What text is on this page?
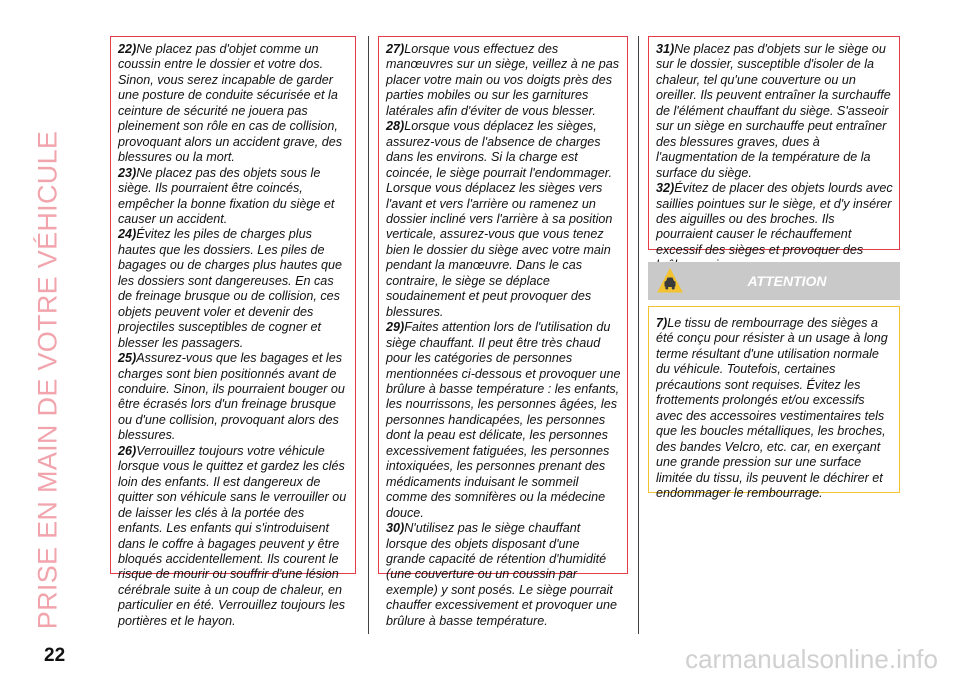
PRISE EN MAIN DE VOTRE VÉHICULE

22)Ne placez pas d'objet comme un coussin entre le dossier et votre dos. Sinon, vous serez incapable de garder une posture de conduite sécurisée et la ceinture de sécurité ne jouera pas pleinement son rôle en cas de collision, provoquant alors un accident grave, des blessures ou la mort.

23)Ne placez pas des objets sous le siège. Ils pourraient être coincés, empêcher la bonne fixation du siège et causer un accident.

24)Évitez les piles de charges plus hautes que les dossiers. Les piles de bagages ou de charges plus hautes que les dossiers sont dangereuses. En cas de freinage brusque ou de collision, ces objets peuvent voler et devenir des projectiles susceptibles de cogner et blesser les passagers.

25)Assurez-vous que les bagages et les charges sont bien positionnés avant de conduire. Sinon, ils pourraient bouger ou être écrasés lors d'un freinage brusque ou d'une collision, provoquant alors des blessures.

26)Verrouillez toujours votre véhicule lorsque vous le quittez et gardez les clés loin des enfants. Il est dangereux de quitter son véhicule sans le verrouiller ou de laisser les clés à la portée des enfants. Les enfants qui s'introduisent dans le coffre à bagages peuvent y être bloqués accidentellement. Ils courent le risque de mourir ou souffrir d'une lésion cérébrale suite à un coup de chaleur, en particulier en été. Verrouillez toujours les portières et le hayon.

27)Lorsque vous effectuez des manœuvres sur un siège, veillez à ne pas placer votre main ou vos doigts près des parties mobiles ou sur les garnitures latérales afin d'éviter de vous blesser.

28)Lorsque vous déplacez les sièges, assurez-vous de l'absence de charges dans les environs. Si la charge est coincée, le siège pourrait l'endommager. Lorsque vous déplacez les sièges vers l'avant et vers l'arrière ou ramenez un dossier incliné vers l'arrière à sa position verticale, assurez-vous que vous tenez bien le dossier du siège avec votre main pendant la manœuvre. Dans le cas contraire, le siège se déplace soudainement et peut provoquer des blessures.

29)Faites attention lors de l'utilisation du siège chauffant. Il peut être très chaud pour les catégories de personnes mentionnées ci-dessous et provoquer une brûlure à basse température : les enfants, les nourrissons, les personnes âgées, les personnes handicapées, les personnes dont la peau est délicate, les personnes excessivement fatiguées, les personnes intoxiquées, les personnes prenant des médicaments induisant le sommeil comme des somnifères ou la médecine douce.

30)N'utilisez pas le siège chauffant lorsque des objets disposant d'une grande capacité de rétention d'humidité (une couverture ou un coussin par exemple) y sont posés. Le siège pourrait chauffer excessivement et provoquer une brûlure à basse température.

31)Ne placez pas d'objets sur le siège ou sur le dossier, susceptible d'isoler de la chaleur, tel qu'une couverture ou un oreiller. Ils peuvent entraîner la surchauffe de l'élément chauffant du siège. S'asseoir sur un siège en surchauffe peut entraîner des blessures graves, dues à l'augmentation de la température de la surface du siège.

32)Évitez de placer des objets lourds avec saillies pointues sur le siège, et d'y insérer des aiguilles ou des broches. Ils pourraient causer le réchauffement excessif des sièges et provoquer des

ATTENTION

7)Le tissu de rembourrage des sièges a été conçu pour résister à un usage à long terme résultant d'une utilisation normale du véhicule. Toutefois, certaines précautions sont requises. Évitez les frottements prolongés et/ou excessifs avec des accessoires vestimentaires tels que les boucles métalliques, les broches, des bandes Velcro, etc. car, en exerçant une grande pression sur une surface limitée du tissu, ils peuvent le déchirer et endommager le rembourrage.

22	carmanualsonline.info
